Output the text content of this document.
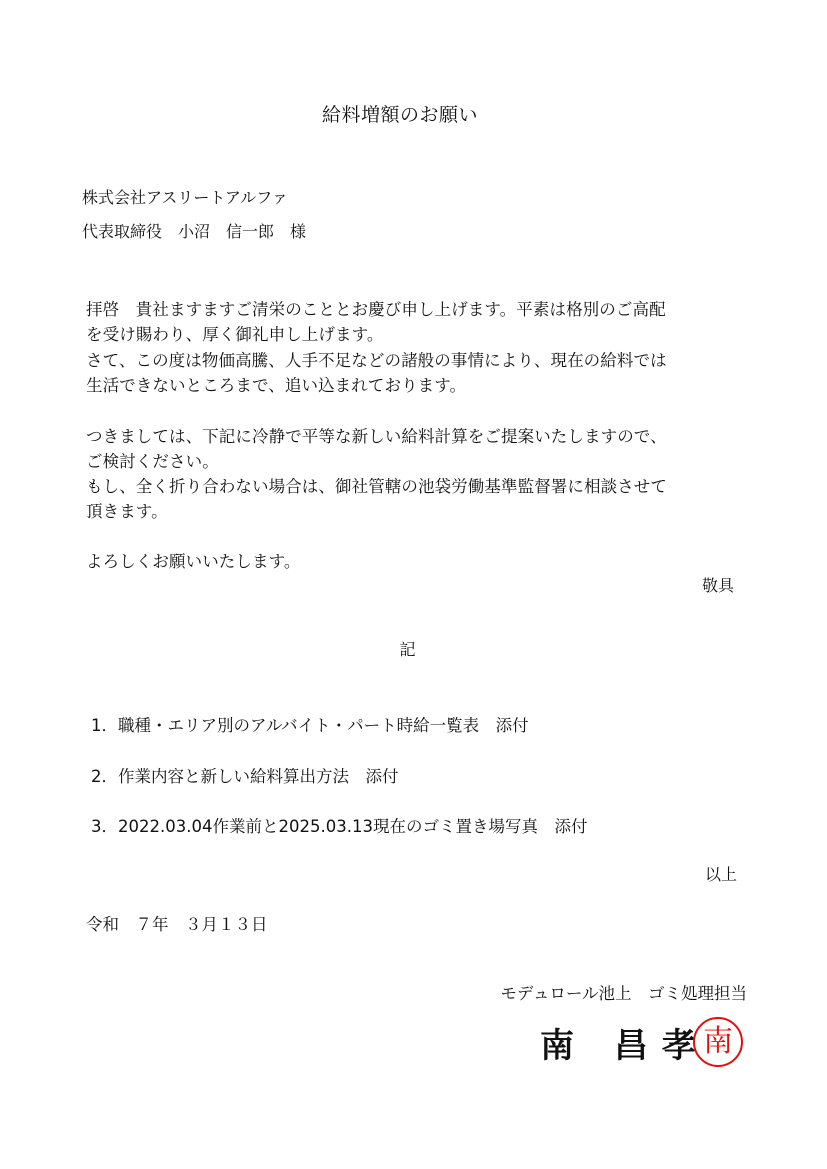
給料増額のお願い
株式会社アスリートアルファ
代表取締役　小沼　信一郎　様
拝啓　貴社ますますご清栄のこととお慶び申し上げます。平素は格別のご高配
を受け賜わり、厚く御礼申し上げます。
さて、この度は物価高騰、人手不足などの諸般の事情により、現在の給料では
生活できないところまで、追い込まれております。
つきましては、下記に冷静で平等な新しい給料計算をご提案いたしますので、
ご検討ください。
もし、全く折り合わない場合は、御社管轄の池袋労働基準監督署に相談させて
頂きます。
よろしくお願いいたします。
敬具
記
1．職種・エリア別のアルバイト・パート時給一覧表　添付
2．作業内容と新しい給料算出方法　添付
3．2022.03.04作業前と2025.03.13現在のゴミ置き場写真　添付
以上
令和　７年　３月１３日
モデュロール池上　ゴミ処理担当
南 昌孝
南
